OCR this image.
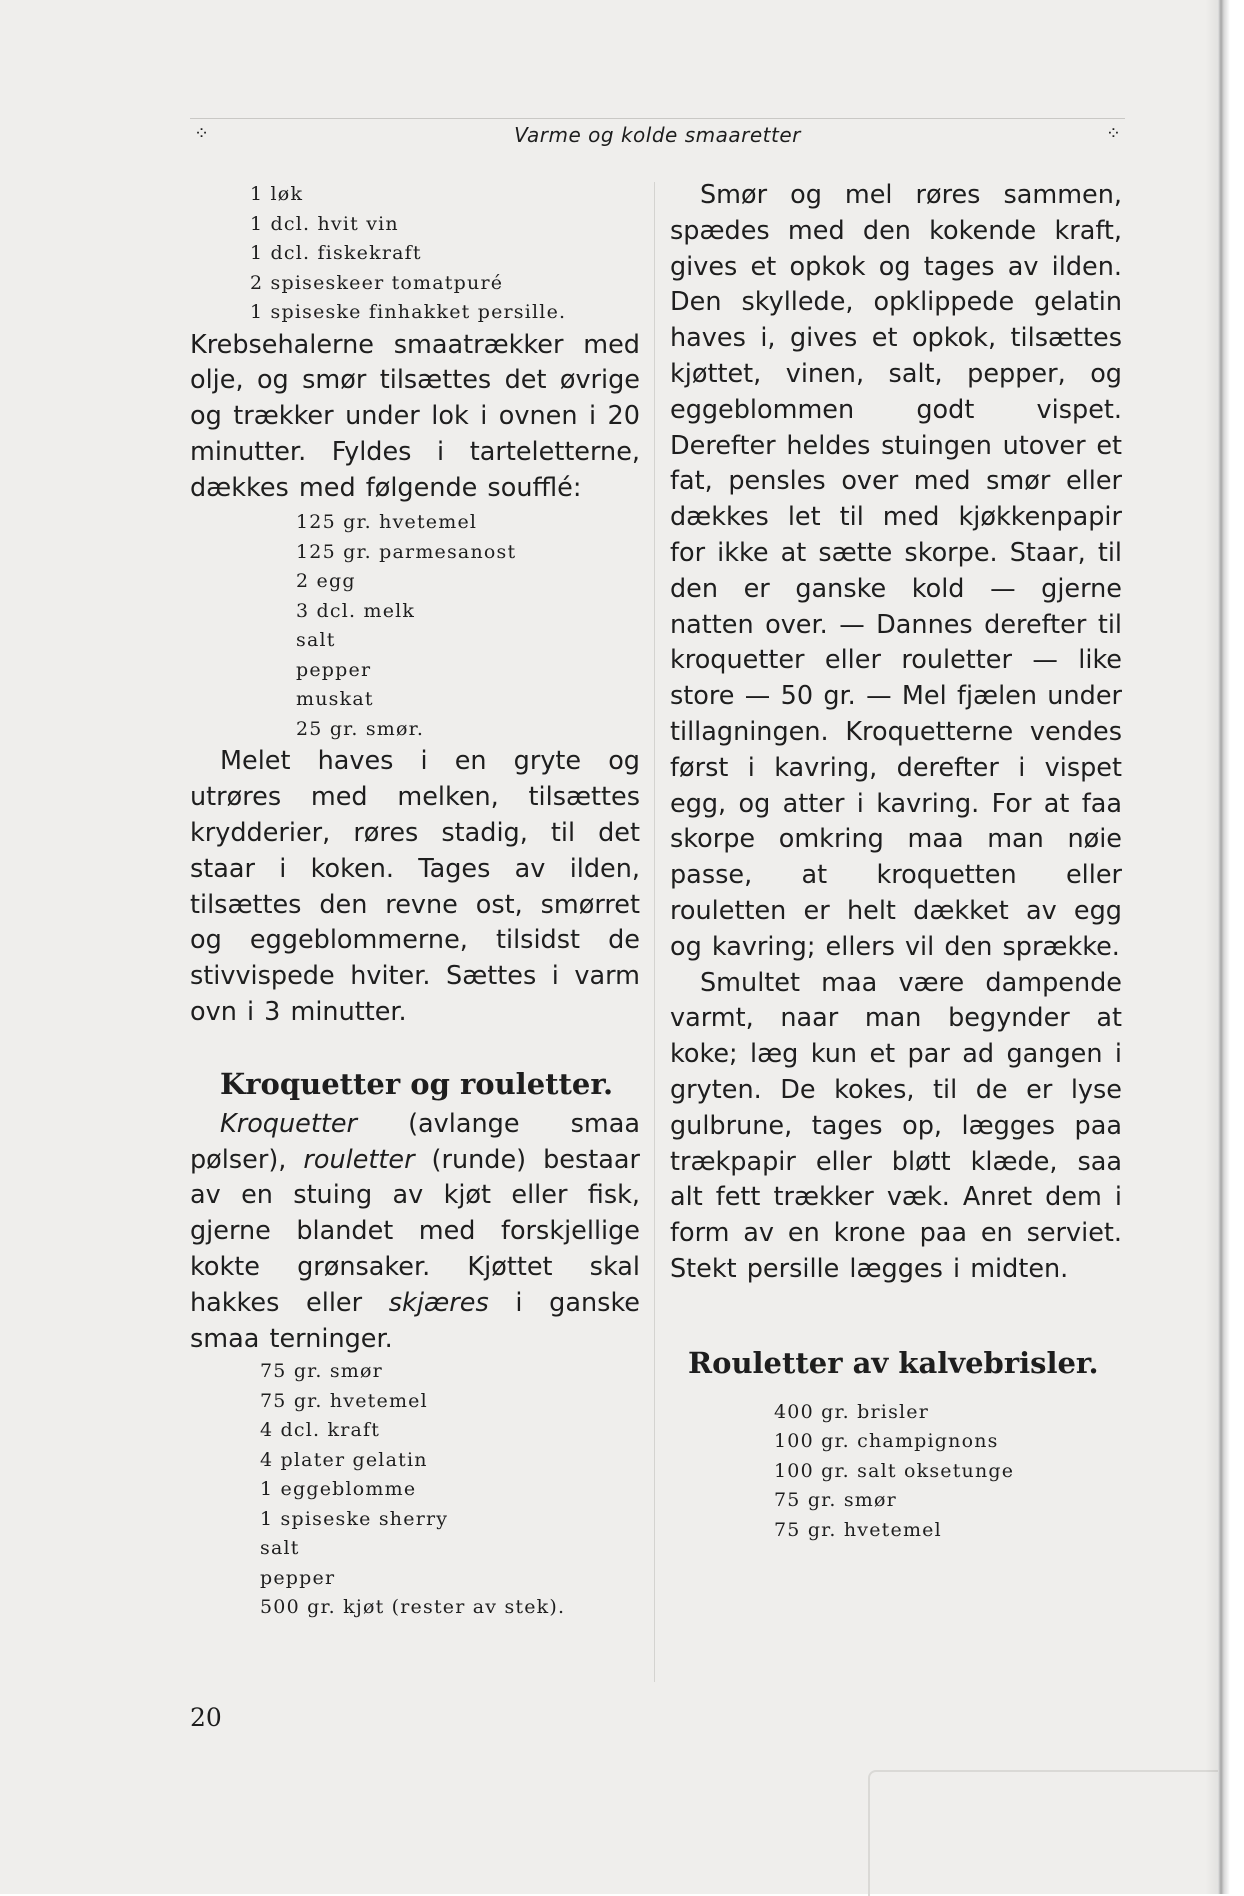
⁘	Varme og kolde smaaretter	⁘
1 løk
1 dcl. hvit vin
1 dcl. fiskekraft
2 spiseskeer tomatpuré
1 spiseske finhakket persille.

Krebsehalerne smaatrækker med olje, og smør tilsættes det øvrige og trækker under lok i ovnen i 20 minutter. Fyldes i tarteletterne, dækkes med følgende soufflé:

125 gr. hvetemel
125 gr. parmesanost
2 egg
3 dcl. melk
salt
pepper
muskat
25 gr. smør.

Melet haves i en gryte og utrøres med melken, tilsættes krydderier, røres stadig, til det staar i koken. Tages av ilden, tilsættes den revne ost, smørret og eggeblommerne, tilsidst de stivvispede hviter. Sættes i varm ovn i 3 minutter.

Kroquetter og rouletter.

Kroquetter (avlange smaa pølser), rouletter (runde) bestaar av en stuing av kjøt eller fisk, gjerne blandet med forskjellige kokte grønsaker. Kjøttet skal hakkes eller skjæres i ganske smaa terninger.

75 gr. smør
75 gr. hvetemel
4 dcl. kraft
4 plater gelatin
1 eggeblomme
1 spiseske sherry
salt
pepper
500 gr. kjøt (rester av stek).

Smør og mel røres sammen, spædes med den kokende kraft, gives et opkok og tages av ilden. Den skyllede, opklippede gelatin haves i, gives et opkok, tilsættes kjøttet, vinen, salt, pepper, og eggeblommen godt vispet. Derefter heldes stuingen utover et fat, pensles over med smør eller dækkes let til med kjøkkenpapir for ikke at sætte skorpe. Staar, til den er ganske kold — gjerne natten over. — Dannes derefter til kroquetter eller rouletter — like store — 50 gr. — Mel fjælen under tillagningen. Kroquetterne vendes først i kavring, derefter i vispet egg, og atter i kavring. For at faa skorpe omkring maa man nøie passe, at kroquetten eller rouletten er helt dækket av egg og kavring; ellers vil den sprække.

Smultet maa være dampende varmt, naar man begynder at koke; læg kun et par ad gangen i gryten. De kokes, til de er lyse gulbrune, tages op, lægges paa trækpapir eller bløtt klæde, saa alt fett trækker væk. Anret dem i form av en krone paa en serviet. Stekt persille lægges i midten.

Rouletter av kalvebrisler.
400 gr. brisler
100 gr. champignons
100 gr. salt oksetunge
75 gr. smør
75 gr. hvetemel
20
